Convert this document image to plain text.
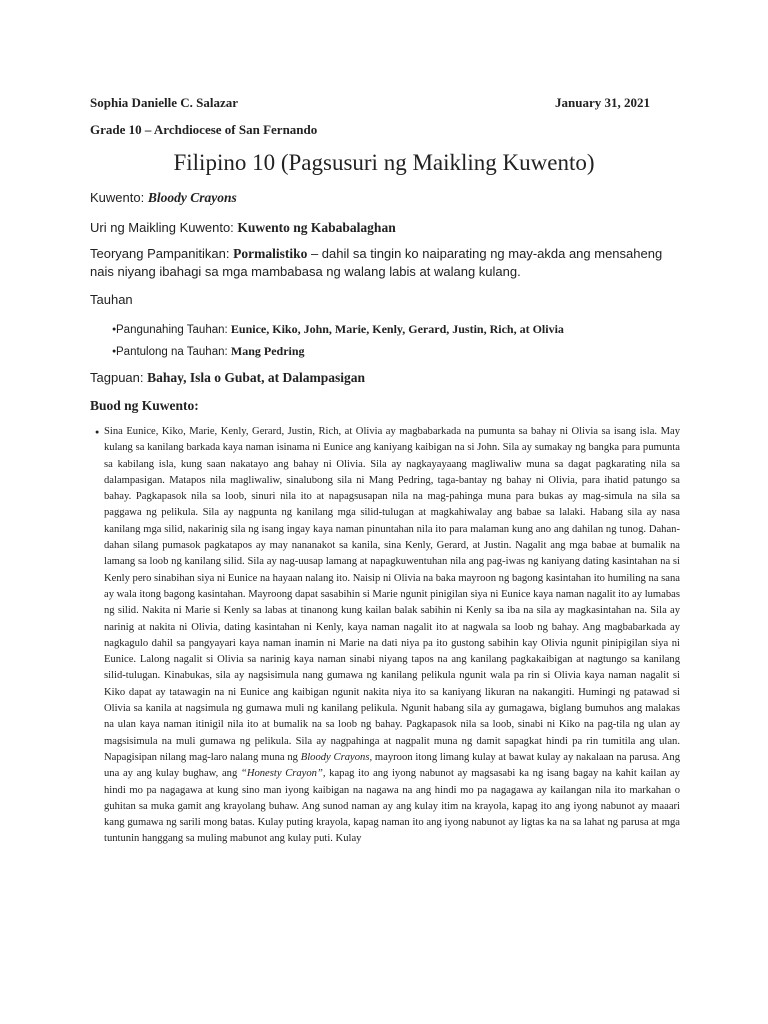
Sophia Danielle C. Salazar	January 31, 2021
Grade 10 – Archdiocese of San Fernando
Filipino 10 (Pagsusuri ng Maikling Kuwento)
Kuwento: Bloody Crayons
Uri ng Maikling Kuwento: Kuwento ng Kababalaghan
Teoryang Pampanitikan: Pormalistiko – dahil sa tingin ko naiparating ng may-akda ang mensaheng nais niyang ibahagi sa mga mambabasa ng walang labis at walang kulang.
Tauhan
● Pangunahing Tauhan: Eunice, Kiko, John, Marie, Kenly, Gerard, Justin, Rich, at Olivia
● Pantulong na Tauhan: Mang Pedring
Tagpuan: Bahay, Isla o Gubat, at Dalampasigan
Buod ng Kuwento:
● Sina Eunice, Kiko, Marie, Kenly, Gerard, Justin, Rich, at Olivia ay magbabarkada na pumunta sa bahay ni Olivia sa isang isla. May kulang sa kanilang barkada kaya naman isinama ni Eunice ang kaniyang kaibigan na si John. Sila ay sumakay ng bangka para pumunta sa kabilang isla, kung saan nakatayo ang bahay ni Olivia. Sila ay nagkayayaang magliwaliw muna sa dagat pagkarating nila sa dalampasigan. Matapos nila magliwaliw, sinalubong sila ni Mang Pedring, taga-bantay ng bahay ni Olivia, para ihatid patungo sa bahay. Pagkapasok nila sa loob, sinuri nila ito at napagsusapan nila na mag-pahinga muna para bukas ay mag-simula na sila sa paggawa ng pelikula. Sila ay nagpunta ng kanilang mga silid-tulugan at magkahiwalay ang babae sa lalaki. Habang sila ay nasa kanilang mga silid, nakarinig sila ng isang ingay kaya naman pinuntahan nila ito para malaman kung ano ang dahilan ng tunog. Dahan-dahan silang pumasok pagkatapos ay may nananakot sa kanila, sina Kenly, Gerard, at Justin. Nagalit ang mga babae at bumalik na lamang sa loob ng kanilang silid. Sila ay nag-uusap lamang at napagkuwentuhan nila ang pag-iwas ng kaniyang dating kasintahan na si Kenly pero sinabihan siya ni Eunice na hayaan nalang ito. Naisip ni Olivia na baka mayroon ng bagong kasintahan ito humiling na sana ay wala itong bagong kasintahan. Mayroong dapat sasabihin si Marie ngunit pinigilan siya ni Eunice kaya naman nagalit ito ay lumabas ng silid. Nakita ni Marie si Kenly sa labas at tinanong kung kailan balak sabihin ni Kenly sa iba na sila ay magkasintahan na. Sila ay narinig at nakita ni Olivia, dating kasintahan ni Kenly, kaya naman nagalit ito at nagwala sa loob ng bahay. Ang magbabarkada ay nagkagulo dahil sa pangyayari kaya naman inamin ni Marie na dati niya pa ito gustong sabihin kay Olivia ngunit pinipigilan siya ni Eunice. Lalong nagalit si Olivia sa narinig kaya naman sinabi niyang tapos na ang kanilang pagkakaibigan at nagtungo sa kanilang silid-tulugan. Kinabukas, sila ay nagsisimula nang gumawa ng kanilang pelikula ngunit wala pa rin si Olivia kaya naman nagalit si Kiko dapat ay tatawagin na ni Eunice ang kaibigan ngunit nakita niya ito sa kaniyang likuran na nakangiti. Humingi ng patawad si Olivia sa kanila at nagsimula ng gumawa muli ng kanilang pelikula. Ngunit habang sila ay gumagawa, biglang bumuhos ang malakas na ulan kaya naman itinigil nila ito at bumalik na sa loob ng bahay. Pagkapasok nila sa loob, sinabi ni Kiko na pag-tila ng ulan ay magsisimula na muli gumawa ng pelikula. Sila ay nagpahinga at nagpalit muna ng damit sapagkat hindi pa rin tumitila ang ulan. Napagisipan nilang mag-laro nalang muna ng Bloody Crayons, mayroon itong limang kulay at bawat kulay ay nakalaan na parusa. Ang una ay ang kulay bughaw, ang “Honesty Crayon”, kapag ito ang iyong nabunot ay magsasabi ka ng isang bagay na kahit kailan ay hindi mo pa nagagawa at kung sino man iyong kaibigan na nagawa na ang hindi mo pa nagagawa ay kailangan nila ito markahan o guhitan sa muka gamit ang krayolang buhaw. Ang sunod naman ay ang kulay itim na krayola, kapag ito ang iyong nabunot ay maaari kang gumawa ng sarili mong batas. Kulay puting krayola, kapag naman ito ang iyong nabunot ay ligtas ka na sa lahat ng parusa at mga tuntunin hanggang sa muling mabunot ang kulay puti. Kulay
